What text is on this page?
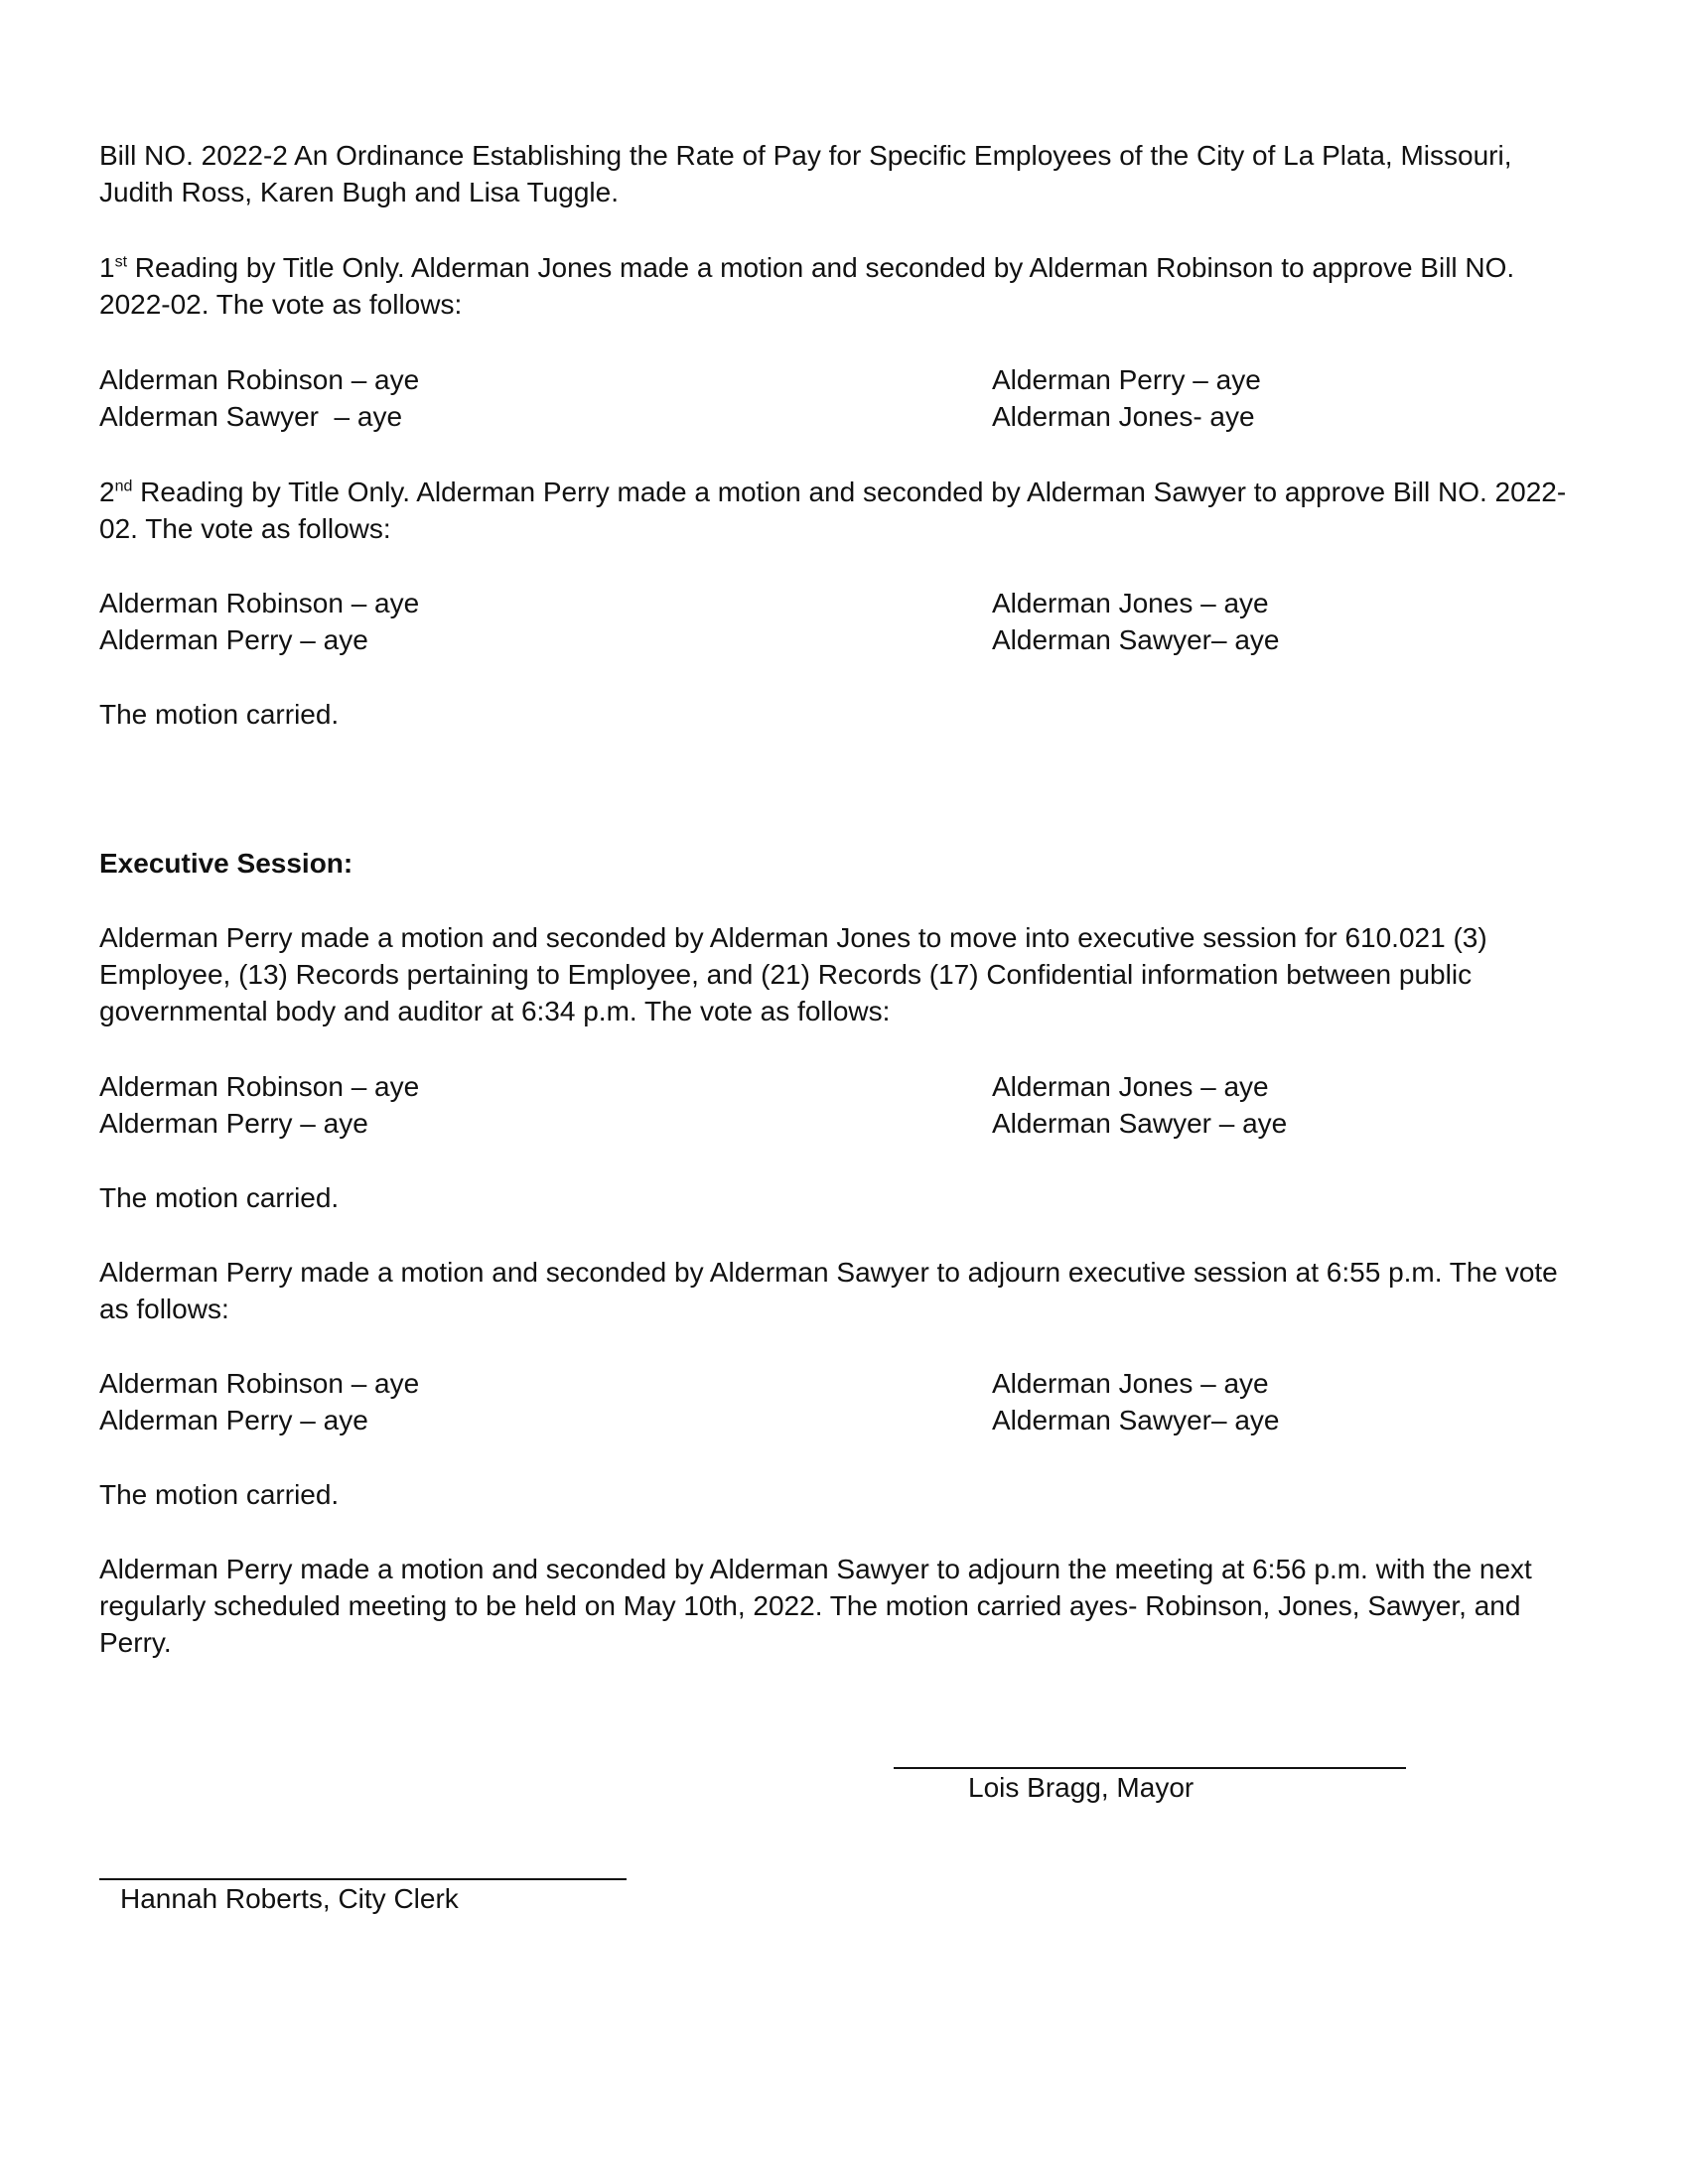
Bill NO. 2022-2 An Ordinance Establishing the Rate of Pay for Specific Employees of the City of La Plata, Missouri, Judith Ross, Karen Bugh and Lisa Tuggle.

1st Reading by Title Only. Alderman Jones made a motion and seconded by Alderman Robinson to approve Bill NO. 2022-02. The vote as follows:

Alderman Robinson – aye	Alderman Perry – aye
Alderman Sawyer  – aye	Alderman Jones- aye

2nd Reading by Title Only. Alderman Perry made a motion and seconded by Alderman Sawyer to approve Bill NO. 2022-02. The vote as follows:

Alderman Robinson – aye	Alderman Jones – aye
Alderman Perry – aye	Alderman Sawyer– aye

The motion carried.

Executive Session:

Alderman Perry made a motion and seconded by Alderman Jones to move into executive session for 610.021 (3) Employee, (13) Records pertaining to Employee, and (21) Records (17) Confidential information between public governmental body and auditor at 6:34 p.m. The vote as follows:

Alderman Robinson – aye	Alderman Jones – aye
Alderman Perry – aye	Alderman Sawyer – aye

The motion carried.

Alderman Perry made a motion and seconded by Alderman Sawyer to adjourn executive session at 6:55 p.m. The vote as follows:

Alderman Robinson – aye	Alderman Jones – aye
Alderman Perry – aye	Alderman Sawyer– aye

The motion carried.

Alderman Perry made a motion and seconded by Alderman Sawyer to adjourn the meeting at 6:56 p.m. with the next regularly scheduled meeting to be held on May 10th, 2022. The motion carried ayes- Robinson, Jones, Sawyer, and Perry.

Lois Bragg, Mayor
Hannah Roberts, City Clerk
